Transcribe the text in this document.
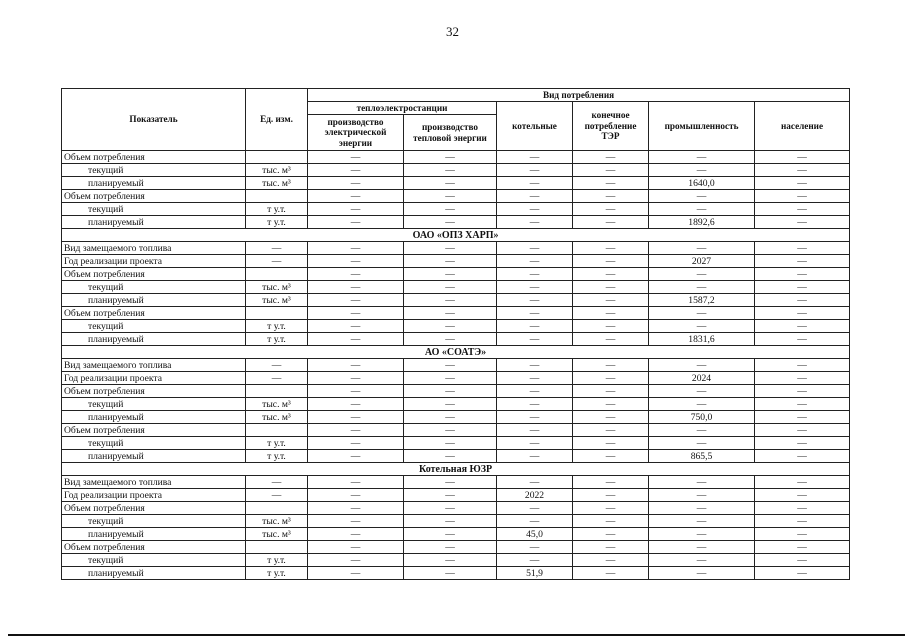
32
Показатель	Ед. изм.	Вид потребления					
		теплоэлектростанции		котельные	конечное потребление ТЭР	промышленность	население
		производство электрической энергии	производство тепловой энергии				
Объем потребления		—	—	—	—	—	—
текущий	тыс. м³	—	—	—	—	—	—
планируемый	тыс. м³	—	—	—	—	1640,0	—
Объем потребления		—	—	—	—	—	—
текущий	т у.т.	—	—	—	—	—	—
планируемый	т у.т.	—	—	—	—	1892,6	—
ОАО «ОПЗ ХАРП»							
Вид замещаемого топлива	—	—	—	—	—	—	—
Год реализации проекта	—	—	—	—	—	2027	—
Объем потребления		—	—	—	—	—	—
текущий	тыс. м³	—	—	—	—	—	—
планируемый	тыс. м³	—	—	—	—	1587,2	—
Объем потребления		—	—	—	—	—	—
текущий	т у.т.	—	—	—	—	—	—
планируемый	т у.т.	—	—	—	—	1831,6	—
АО «СОАТЭ»							
Вид замещаемого топлива	—	—	—	—	—	—	—
Год реализации проекта	—	—	—	—	—	2024	—
Объем потребления		—	—	—	—	—	—
текущий	тыс. м³	—	—	—	—	—	—
планируемый	тыс. м³	—	—	—	—	750,0	—
Объем потребления		—	—	—	—	—	—
текущий	т у.т.	—	—	—	—	—	—
планируемый	т у.т.	—	—	—	—	865,5	—
Котельная ЮЗР							
Вид замещаемого топлива	—	—	—	—	—	—	—
Год реализации проекта	—	—	—	2022	—	—	—
Объем потребления		—	—	—	—	—	—
текущий	тыс. м³	—	—	—	—	—	—
планируемый	тыс. м³	—	—	45,0	—	—	—
Объем потребления		—	—	—	—	—	—
текущий	т у.т.	—	—	—	—	—	—
планируемый	т у.т.	—	—	51,9	—	—	—
